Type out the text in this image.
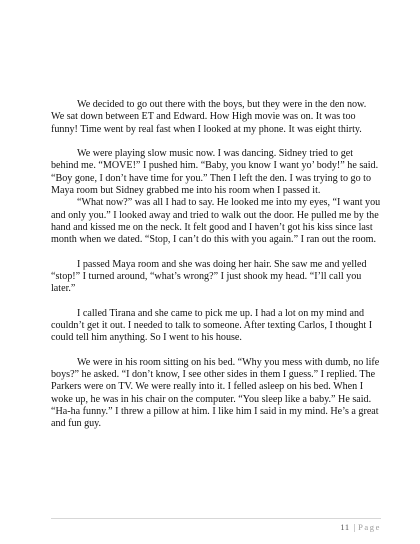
We decided to go out there with the boys, but they were in the den now. We sat down between ET and Edward. How High movie was on. It was too funny! Time went by real fast when I looked at my phone. It was eight thirty.

We were playing slow music now. I was dancing. Sidney tried to get behind me. “MOVE!” I pushed him. “Baby, you know I want yo’ body!” he said. “Boy gone, I don’t have time for you.” Then I left the den. I was trying to go to Maya room but Sidney grabbed me into his room when I passed it.

“What now?” was all I had to say. He looked me into my eyes, “I want you and only you.” I looked away and tried to walk out the door. He pulled me by the hand and kissed me on the neck. It felt good and I haven’t got his kiss since last month when we dated. “Stop, I can’t do this with you again.” I ran out the room.

I passed Maya room and she was doing her hair. She saw me and yelled “stop!” I turned around, “what’s wrong?” I just shook my head. “I’ll call you later.”

I called Tirana and she came to pick me up. I had a lot on my mind and couldn’t get it out. I needed to talk to someone. After texting Carlos, I thought I could tell him anything. So I went to his house.

We were in his room sitting on his bed. “Why you mess with dumb, no life boys?” he asked. “I don’t know, I see other sides in them I guess.” I replied. The Parkers were on TV. We were really into it. I felled asleep on his bed. When I woke up, he was in his chair on the computer. “You sleep like a baby.” He said. “Ha-ha funny.” I threw a pillow at him. I like him I said in my mind. He’s a great and fun guy.

11 | Page
